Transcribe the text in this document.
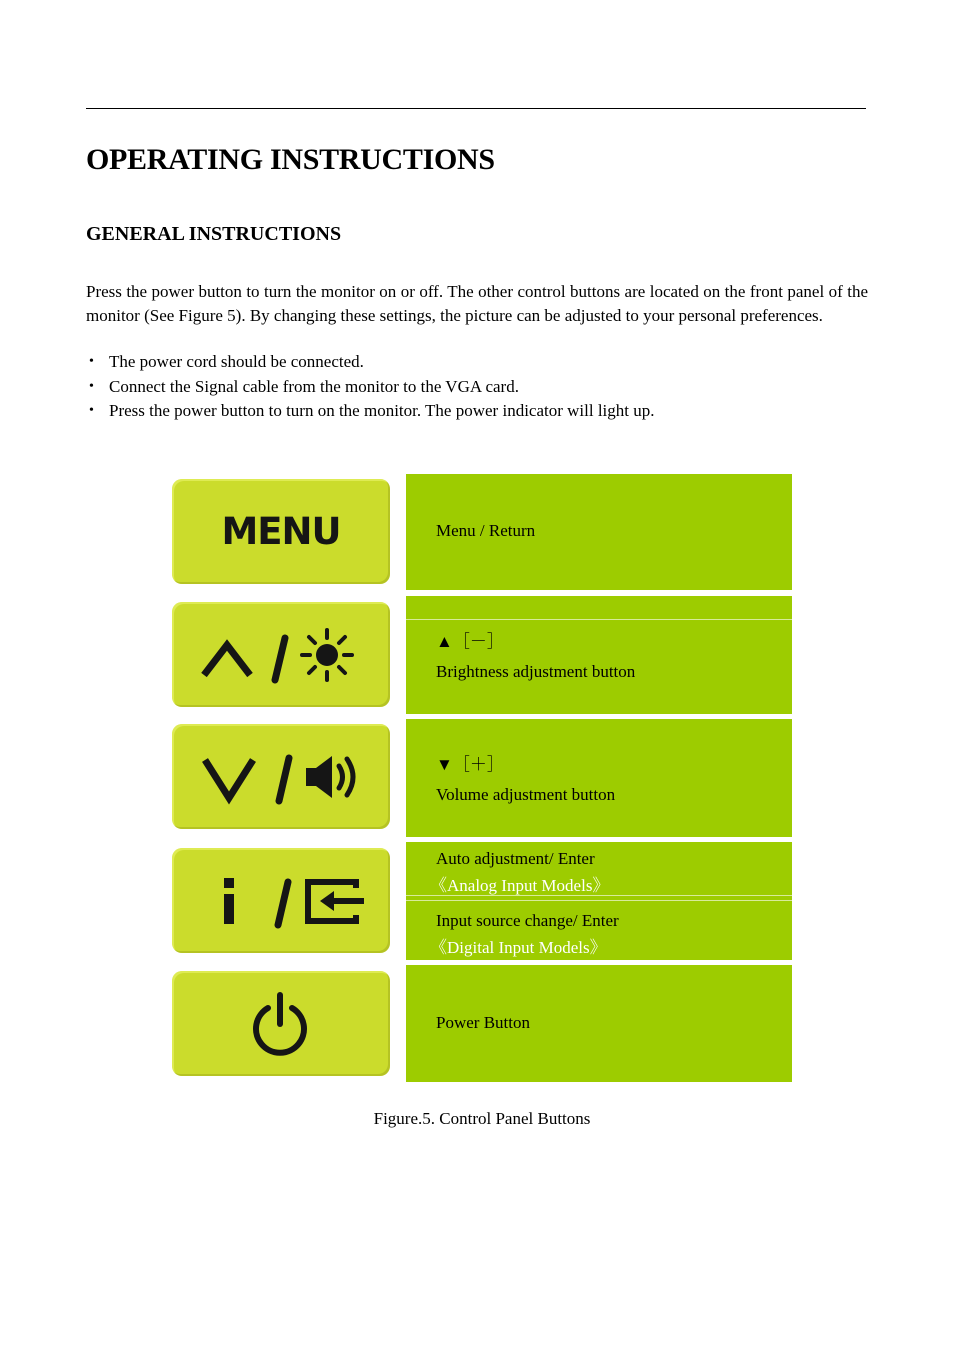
OPERATING INSTRUCTIONS
GENERAL INSTRUCTIONS

Press the power button to turn the monitor on or off. The other control buttons are located on the front panel of the monitor (See Figure 5). By changing these settings, the picture can be adjusted to your personal preferences.

• The power cord should be connected.
• Connect the Signal cable from the monitor to the VGA card.
• Press the power button to turn on the monitor. The power indicator will light up.
MENU	Menu / Return
▲［－］
Brightness adjustment button
▼［＋］
Volume adjustment button
Auto adjustment/ Enter
《Analog Input Models》
Input source change/ Enter
《Digital Input Models》
Power Button
Figure.5. Control Panel Buttons
